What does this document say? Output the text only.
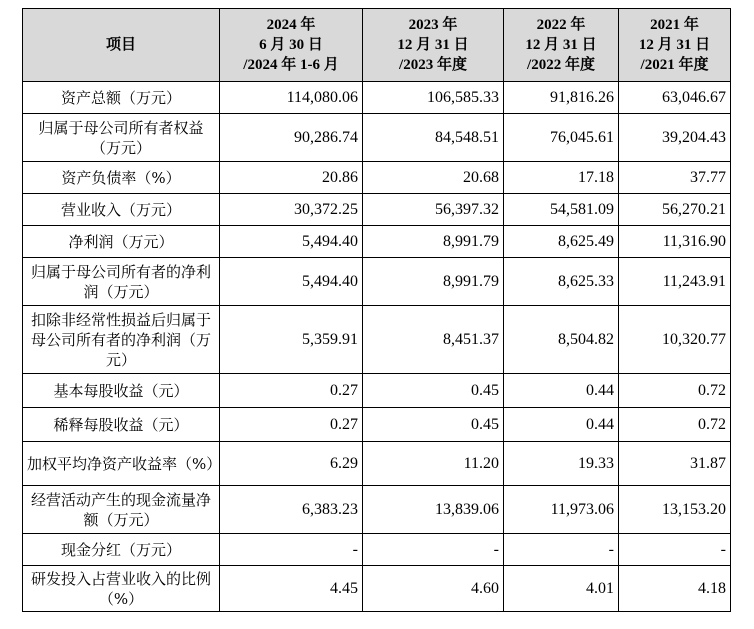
项目	2024 年
6 月 30 日
/2024 年 1-6 月	2023 年
12 月 31 日
/2023 年度	2022 年
12 月 31 日
/2022 年度	2021 年
12 月 31 日
/2021 年度

资产总额（万元）	114,080.06	106,585.33	91,816.26	63,046.67
归属于母公司所有者权益（万元）	90,286.74	84,548.51	76,045.61	39,204.43
资产负债率（%）	20.86	20.68	17.18	37.77
营业收入（万元）	30,372.25	56,397.32	54,581.09	56,270.21
净利润（万元）	5,494.40	8,991.79	8,625.49	11,316.90
归属于母公司所有者的净利润（万元）	5,494.40	8,991.79	8,625.33	11,243.91
扣除非经常性损益后归属于母公司所有者的净利润（万元）	5,359.91	8,451.37	8,504.82	10,320.77
基本每股收益（元）	0.27	0.45	0.44	0.72
稀释每股收益（元）	0.27	0.45	0.44	0.72
加权平均净资产收益率（%）	6.29	11.20	19.33	31.87
经营活动产生的现金流量净额（万元）	6,383.23	13,839.06	11,973.06	13,153.20
现金分红（万元）	-	-	-	-
研发投入占营业收入的比例（%）	4.45	4.60	4.01	4.18
